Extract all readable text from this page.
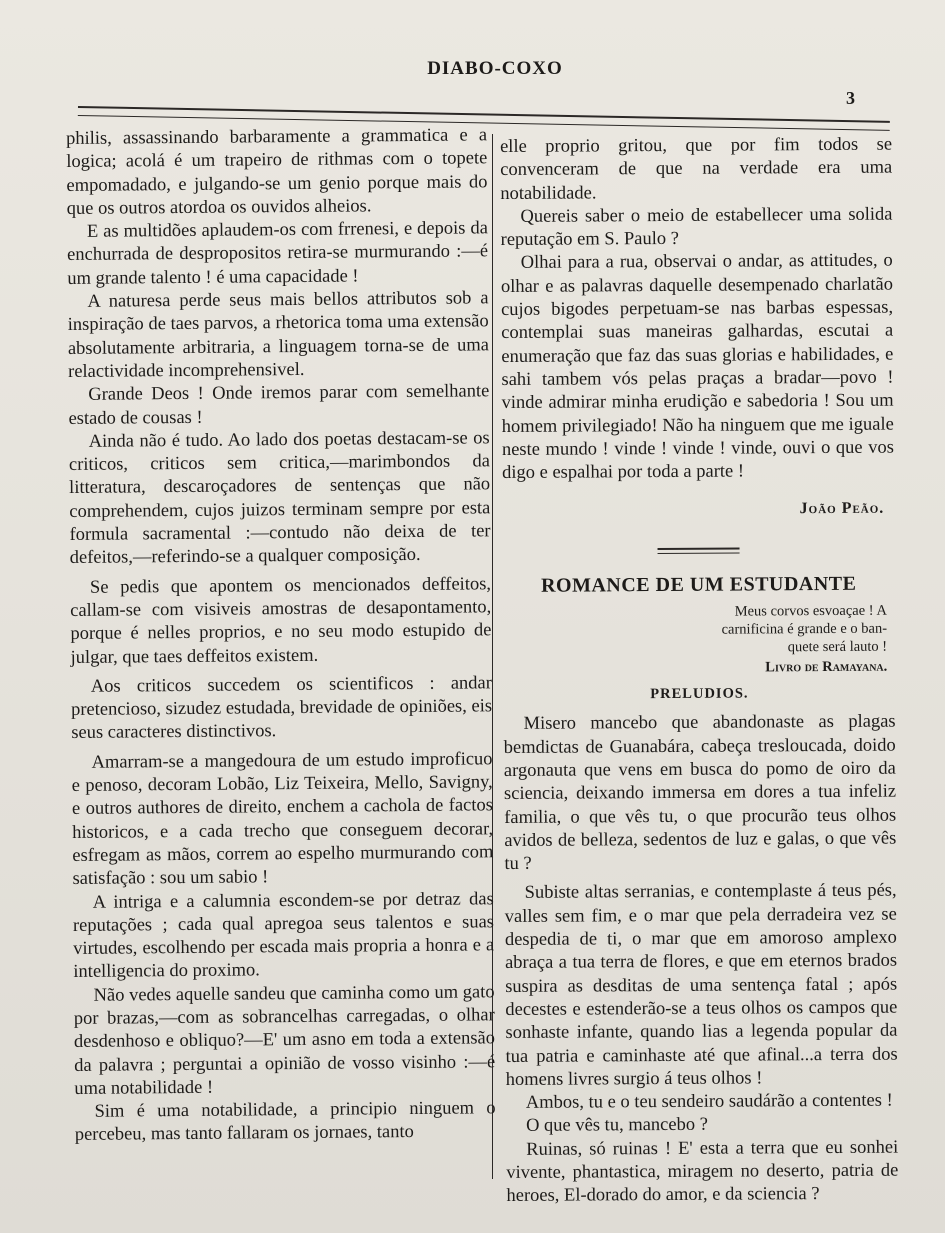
DIABO-COXO
3

philis, assassinando barbaramente a grammatica e a logica; acolá é um trapeiro de rithmas com o topete empomadado, e julgando-se um genio porque mais do que os outros atordoa os ouvidos alheios.

E as multidões aplaudem-os com frrenesi, e depois da enchurrada de despropositos retira-se murmurando :—é um grande talento ! é uma capacidade !

A naturesa perde seus mais bellos attributos sob a inspiração de taes parvos, a rhetorica toma uma extensão absolutamente arbitraria, a linguagem torna-se de uma relactividade incomprehensivel.

Grande Deos ! Onde iremos parar com semelhante estado de cousas !

Ainda não é tudo. Ao lado dos poetas destacam-se os criticos, criticos sem critica,—marimbondos da litteratura, descaroçadores de sentenças que não comprehendem, cujos juizos terminam sempre por esta formula sacramental :—contudo não deixa de ter defeitos,—referindo-se a qualquer composição.

Se pedis que apontem os mencionados deffeitos, callam-se com visiveis amostras de desapontamento, porque é nelles proprios, e no seu modo estupido de julgar, que taes deffeitos existem.

Aos criticos succedem os scientificos : andar pretencioso, sizudez estudada, brevidade de opiniões, eis seus caracteres distinctivos.

Amarram-se a mangedoura de um estudo improficuo e penoso, decoram Lobão, Liz Teixeira, Mello, Savigny, e outros authores de direito, enchem a cachola de factos historicos, e a cada trecho que conseguem decorar, esfregam as mãos, correm ao espelho murmurando com satisfação : sou um sabio !

A intriga e a calumnia escondem-se por detraz das reputações ; cada qual apregoa seus talentos e suas virtudes, escolhendo per escada mais propria a honra e a intelligencia do proximo.

Não vedes aquelle sandeu que caminha como um gato por brazas,—com as sobrancelhas carregadas, o olhar desdenhoso e obliquo?—E' um asno em toda a extensão da palavra ; perguntai a opinião de vosso visinho :—é uma notabilidade !

Sim é uma notabilidade, a principio ninguem o percebeu, mas tanto fallaram os jornaes, tanto

elle proprio gritou, que por fim todos se convenceram de que na verdade era uma notabilidade.

Quereis saber o meio de estabellecer uma solida reputação em S. Paulo ?

Olhai para a rua, observai o andar, as attitudes, o olhar e as palavras daquelle desempenado charlatão cujos bigodes perpetuam-se nas barbas espessas, contemplai suas maneiras galhardas, escutai a enumeração que faz das suas glorias e habilidades, e sahi tambem vós pelas praças a bradar—povo ! vinde admirar minha erudição e sabedoria ! Sou um homem privilegiado! Não ha ninguem que me iguale neste mundo ! vinde ! vinde ! vinde, ouvi o que vos digo e espalhai por toda a parte !

João Peão.
ROMANCE DE UM ESTUDANTE
Meus corvos esvoaçae ! A
carnificina é grande e o ban-
quete será lauto !
Livro de Ramayana.
PRELUDIOS.

Misero mancebo que abandonaste as plagas bemdictas de Guanabára, cabeça tresloucada, doido argonauta que vens em busca do pomo de oiro da sciencia, deixando immersa em dores a tua infeliz familia, o que vês tu, o que procurão teus olhos avidos de belleza, sedentos de luz e galas, o que vês tu ?

Subiste altas serranias, e contemplaste á teus pés, valles sem fim, e o mar que pela derradeira vez se despedia de ti, o mar que em amoroso amplexo abraça a tua terra de flores, e que em eternos brados suspira as desditas de uma sentença fatal ; após decestes e estenderão-se a teus olhos os campos que sonhaste infante, quando lias a legenda popular da tua patria e caminhaste até que afinal...a terra dos homens livres surgio á teus olhos !

Ambos, tu e o teu sendeiro saudárão a contentes !

O que vês tu, mancebo ?

Ruinas, só ruinas ! E' esta a terra que eu sonhei vivente, phantastica, miragem no deserto, patria de heroes, El-dorado do amor, e da sciencia ?
